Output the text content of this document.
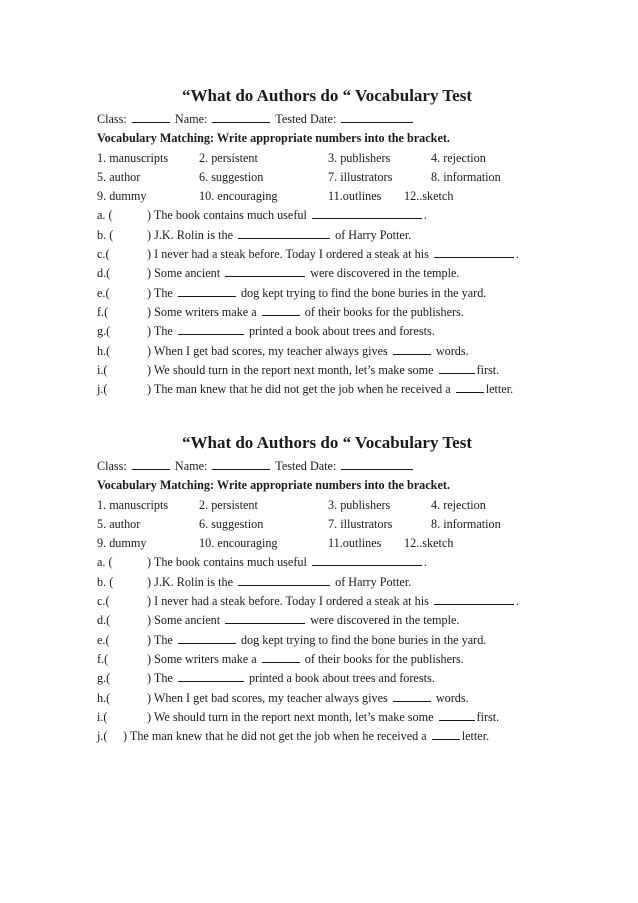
“What do Authors do “ Vocabulary Test
Class:	Name:	Tested Date:
Vocabulary Matching: Write appropriate numbers into the bracket.
1. manuscripts	2. persistent	3. publishers	4. rejection
5. author	6. suggestion	7. illustrators	8. information
9. dummy	10. encouraging	11.outlines 12..sketch
a. (	) The book contains much useful	.
b. (	) J.K. Rolin is the	of Harry Potter.
c.(	) I never had a steak before. Today I ordered a steak at his	.
d.(	) Some ancient	were discovered in the temple.
e.(	) The	dog kept trying to find the bone buries in the yard.
f.(	) Some writers make a	of their books for the publishers.
g.(	) The	printed a book about trees and forests.
h.(	) When I get bad scores, my teacher always gives	words.
i.(	) We should turn in the report next month, let’s make some	first.
j.(	) The man knew that he did not get the job when he received a	letter.
“What do Authors do “ Vocabulary Test
Class:	Name:	Tested Date:
Vocabulary Matching: Write appropriate numbers into the bracket.
1. manuscripts	2. persistent	3. publishers	4. rejection
5. author	6. suggestion	7. illustrators	8. information
9. dummy	10. encouraging	11.outlines 12..sketch
a. (	) The book contains much useful	.
b. (	) J.K. Rolin is the	of Harry Potter.
c.(	) I never had a steak before. Today I ordered a steak at his	.
d.(	) Some ancient	were discovered in the temple.
e.(	) The	dog kept trying to find the bone buries in the yard.
f.(	) Some writers make a	of their books for the publishers.
g.(	) The	printed a book about trees and forests.
h.(	) When I get bad scores, my teacher always gives	words.
i.(	) We should turn in the report next month, let’s make some	first.
j.( ) The man knew that he did not get the job when he received a	letter.
